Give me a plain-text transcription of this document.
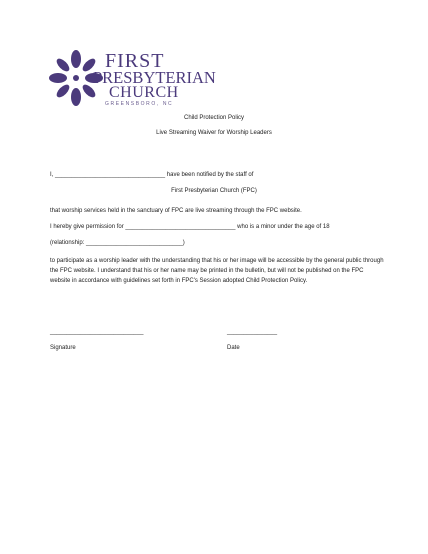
FIRST
PRESBYTERIAN
CHURCH
GREENSBORO, NC
Child Protection Policy
Live Streaming Waiver for Worship Leaders
I, _________________________________ have been notified by the staff of
First Presbyterian Church (FPC)
that worship services held in the sanctuary of FPC are live streaming through the FPC website.
I hereby give permission for _________________________________ who is a minor under the age of 18
(relationship: _____________________________)
to participate as a worship leader with the understanding that his or her image will be accessible by the general public through the FPC website. I understand that his or her name may be printed in the bulletin, but will not be published on the FPC website in accordance with guidelines set forth in FPC's Session adopted Child Protection Policy.
____________________________	_______________
Signature	Date
